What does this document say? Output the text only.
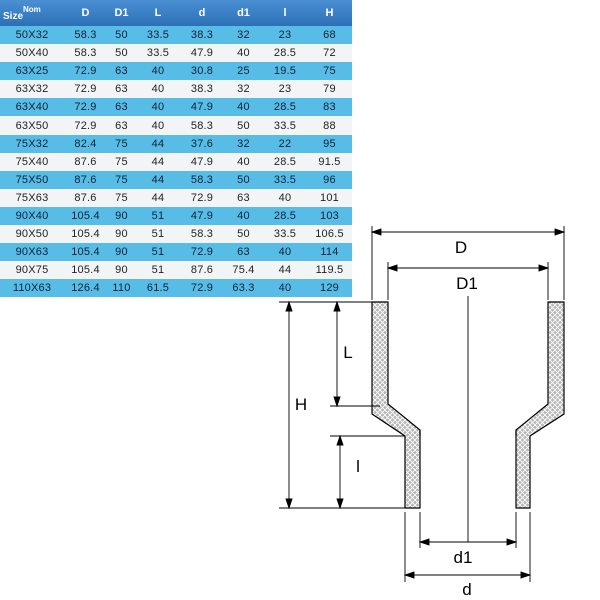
Size$^{Nom}$	D	D1	L	d	d1	l	H
50X32	58.3	50	33.5	38.3	32	23	68
50X40	58.3	50	33.5	47.9	40	28.5	72
63X25	72.9	63	40	30.8	25	19.5	75
63X32	72.9	63	40	38.3	32	23	79
63X40	72.9	63	40	47.9	40	28.5	83
63X50	72.9	63	40	58.3	50	33.5	88
75X32	82.4	75	44	37.6	32	22	95
75X40	87.6	75	44	47.9	40	28.5	91.5
75X50	87.6	75	44	58.3	50	33.5	96
75X63	87.6	75	44	72.9	63	40	101
90X40	105.4	90	51	47.9	40	28.5	103
90X50	105.4	90	51	58.3	50	33.5	106.5
90X63	105.4	90	51	72.9	63	40	114
90X75	105.4	90	51	87.6	75.4	44	119.5
110X63	126.4	110	61.5	72.9	63.3	40	129
D
D1
H
L
l
d1
d
